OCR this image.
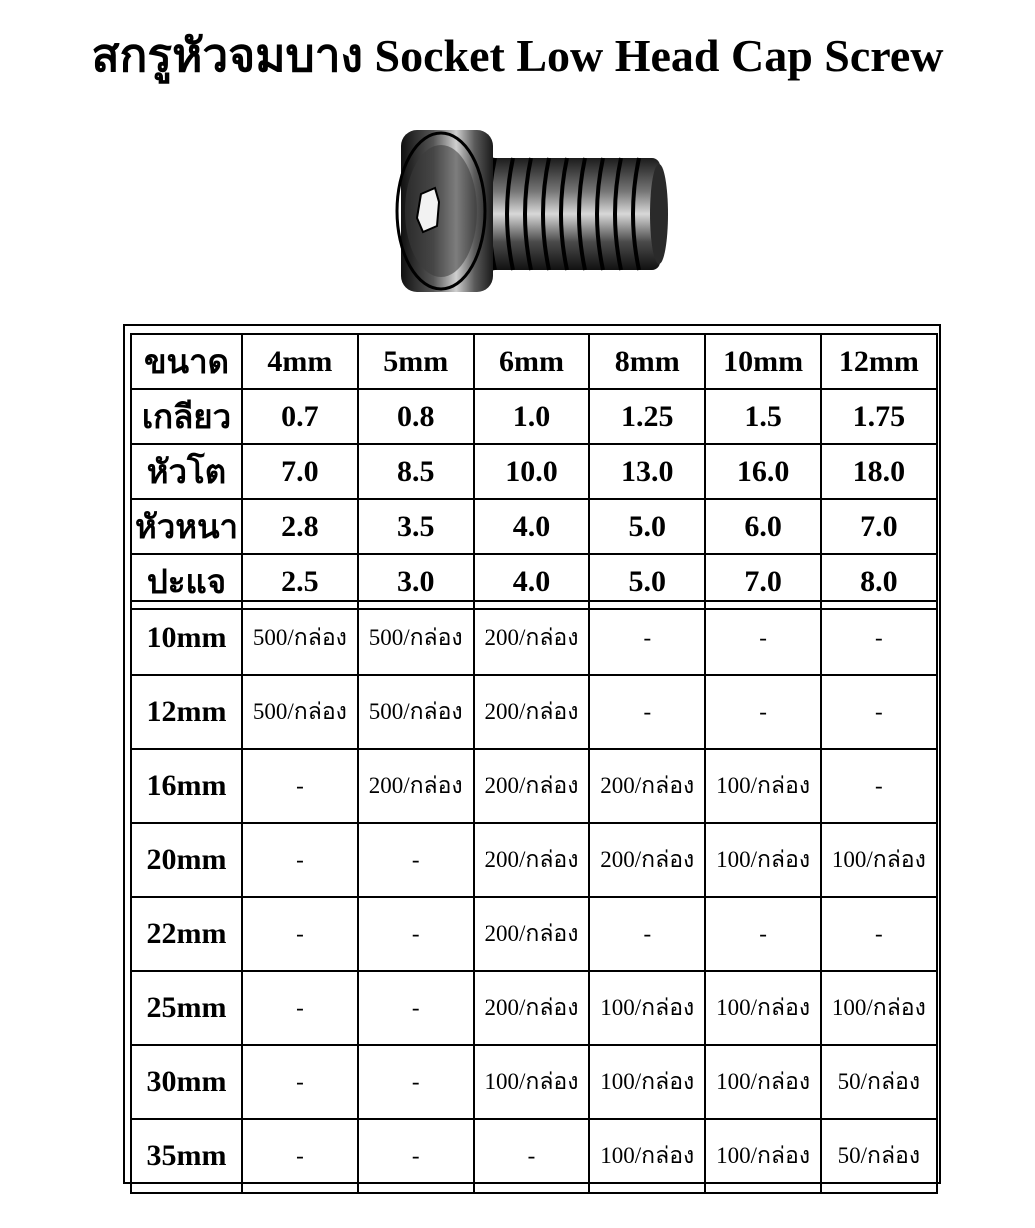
สกรูหัวจมบาง Socket Low Head Cap Screw
ขนาด	4mm	5mm	6mm	8mm	10mm	12mm
เกลียว	0.7	0.8	1.0	1.25	1.5	1.75
หัวโต	7.0	8.5	10.0	13.0	16.0	18.0
หัวหนา	2.8	3.5	4.0	5.0	6.0	7.0
ปะแจ	2.5	3.0	4.0	5.0	7.0	8.0
10mm	500/กล่อง	500/กล่อง	200/กล่อง	-	-	-
12mm	500/กล่อง	500/กล่อง	200/กล่อง	-	-	-
16mm	-	200/กล่อง	200/กล่อง	200/กล่อง	100/กล่อง	-
20mm	-	-	200/กล่อง	200/กล่อง	100/กล่อง	100/กล่อง
22mm	-	-	200/กล่อง	-	-	-
25mm	-	-	200/กล่อง	100/กล่อง	100/กล่อง	100/กล่อง
30mm	-	-	100/กล่อง	100/กล่อง	100/กล่อง	50/กล่อง
35mm	-	-	-	100/กล่อง	100/กล่อง	50/กล่อง
